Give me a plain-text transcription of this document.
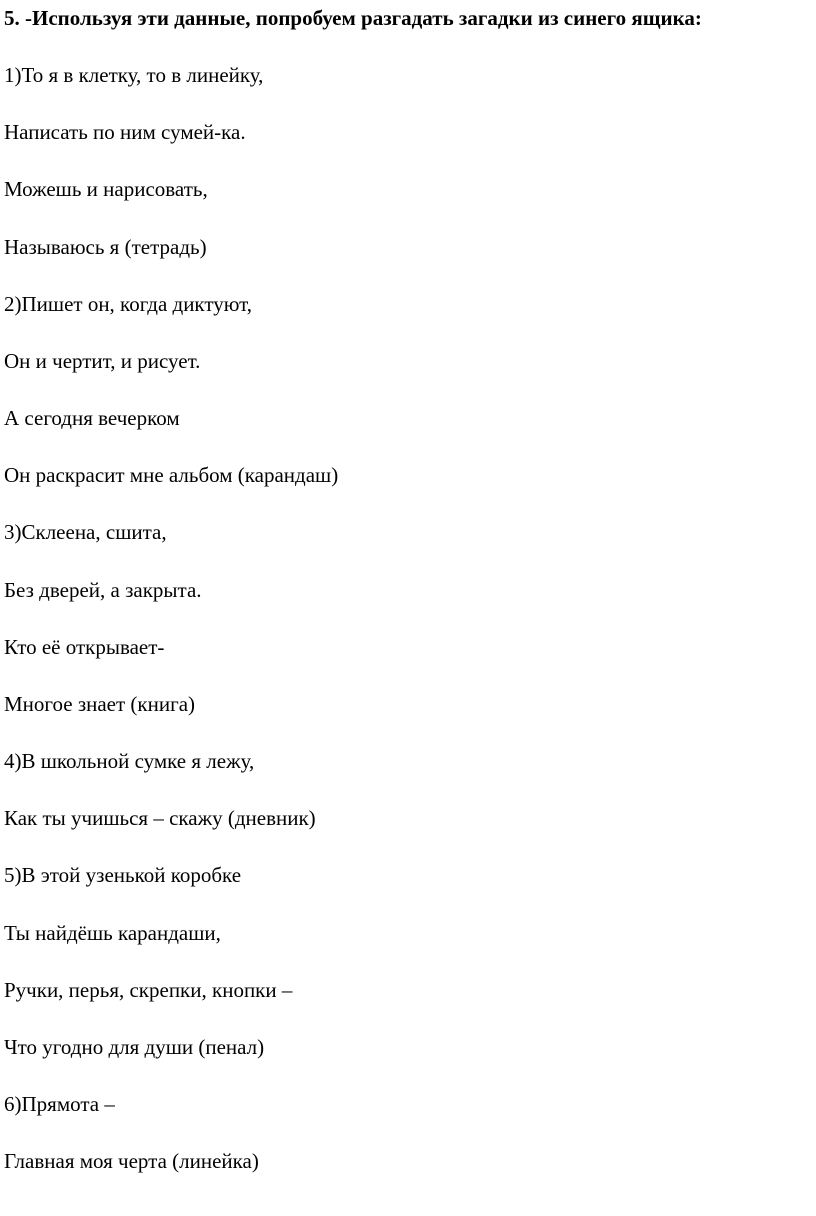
5. -Используя эти данные, попробуем разгадать загадки из синего ящика:
1)То я в клетку, то в линейку,
Написать по ним сумей-ка.
Можешь и нарисовать,
Называюсь я (тетрадь)
2)Пишет он, когда диктуют,
Он и чертит, и рисует.
А сегодня вечерком
Он раскрасит мне альбом (карандаш)
3)Склеена, сшита,
Без дверей, а закрыта.
Кто её открывает-
Многое знает (книга)
4)В школьной сумке я лежу,
Как ты учишься – скажу (дневник)
5)В этой узенькой коробке
Ты найдёшь карандаши,
Ручки, перья, скрепки, кнопки –
Что угодно для души (пенал)
6)Прямота –
Главная моя черта (линейка)
